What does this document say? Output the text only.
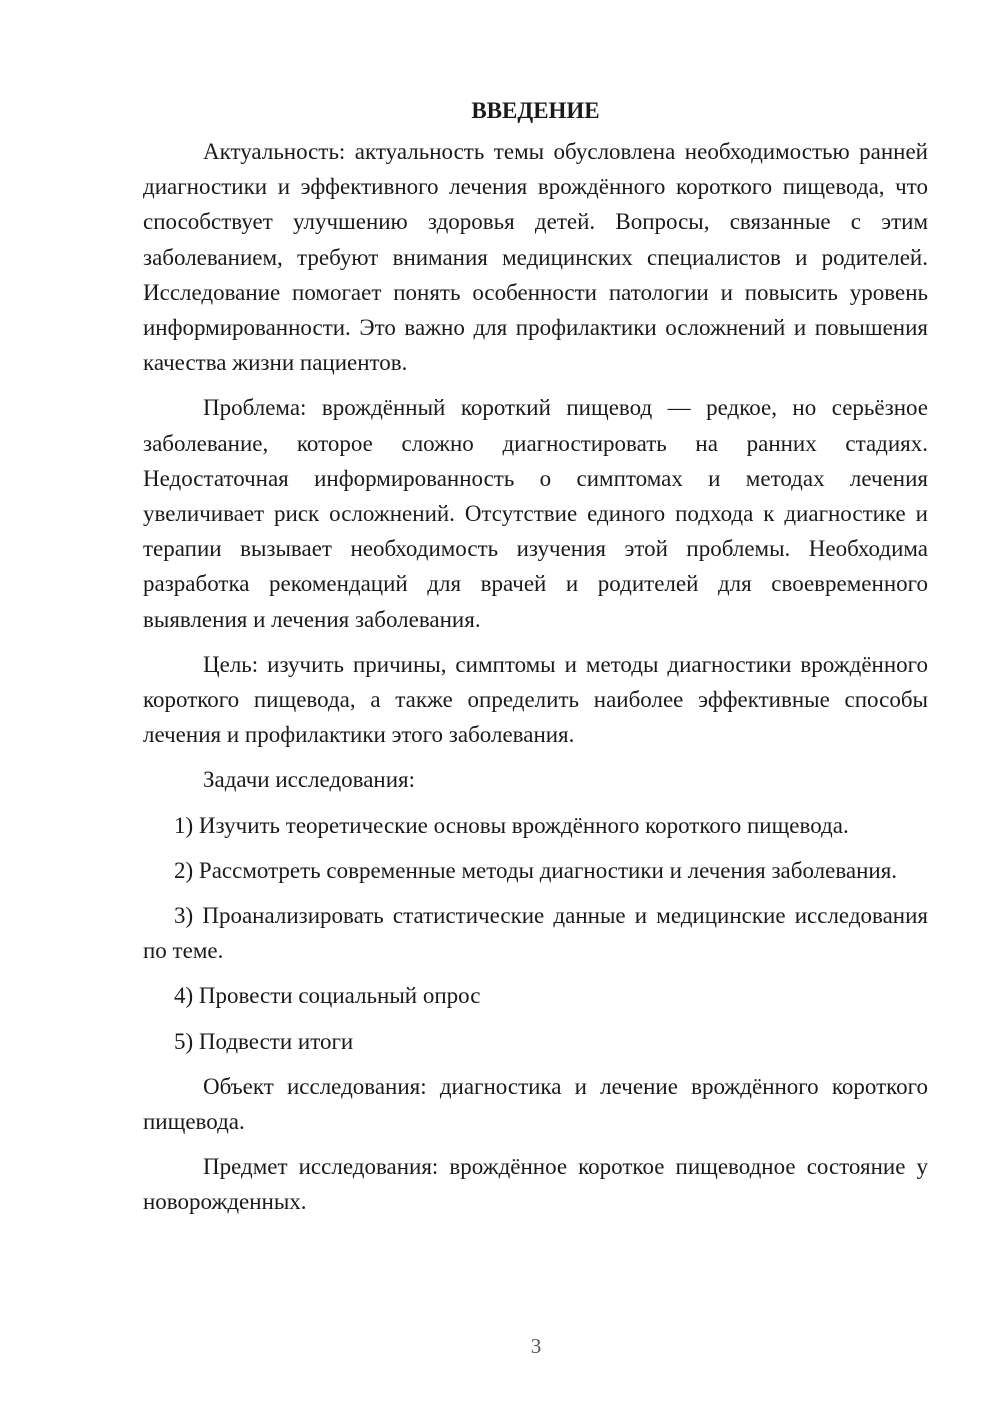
ВВЕДЕНИЕ

Актуальность: актуальность темы обусловлена необходимостью ранней диагностики и эффективного лечения врождённого короткого пищевода, что способствует улучшению здоровья детей. Вопросы, связанные с этим заболеванием, требуют внимания медицинских специалистов и родителей. Исследование помогает понять особенности патологии и повысить уровень информированности. Это важно для профилактики осложнений и повышения качества жизни пациентов.

Проблема: врождённый короткий пищевод — редкое, но серьёзное заболевание, которое сложно диагностировать на ранних стадиях. Недостаточная информированность о симптомах и методах лечения увеличивает риск осложнений. Отсутствие единого подхода к диагностике и терапии вызывает необходимость изучения этой проблемы. Необходима разработка рекомендаций для врачей и родителей для своевременного выявления и лечения заболевания.

Цель: изучить причины, симптомы и методы диагностики врождённого короткого пищевода, а также определить наиболее эффективные способы лечения и профилактики этого заболевания.

Задачи исследования:

1) Изучить теоретические основы врождённого короткого пищевода.

2) Рассмотреть современные методы диагностики и лечения заболевания.

3) Проанализировать статистические данные и медицинские исследования по теме.

4) Провести социальный опрос

5) Подвести итоги

Объект исследования: диагностика и лечение врождённого короткого пищевода.

Предмет исследования: врождённое короткое пищеводное состояние у новорожденных.

3
